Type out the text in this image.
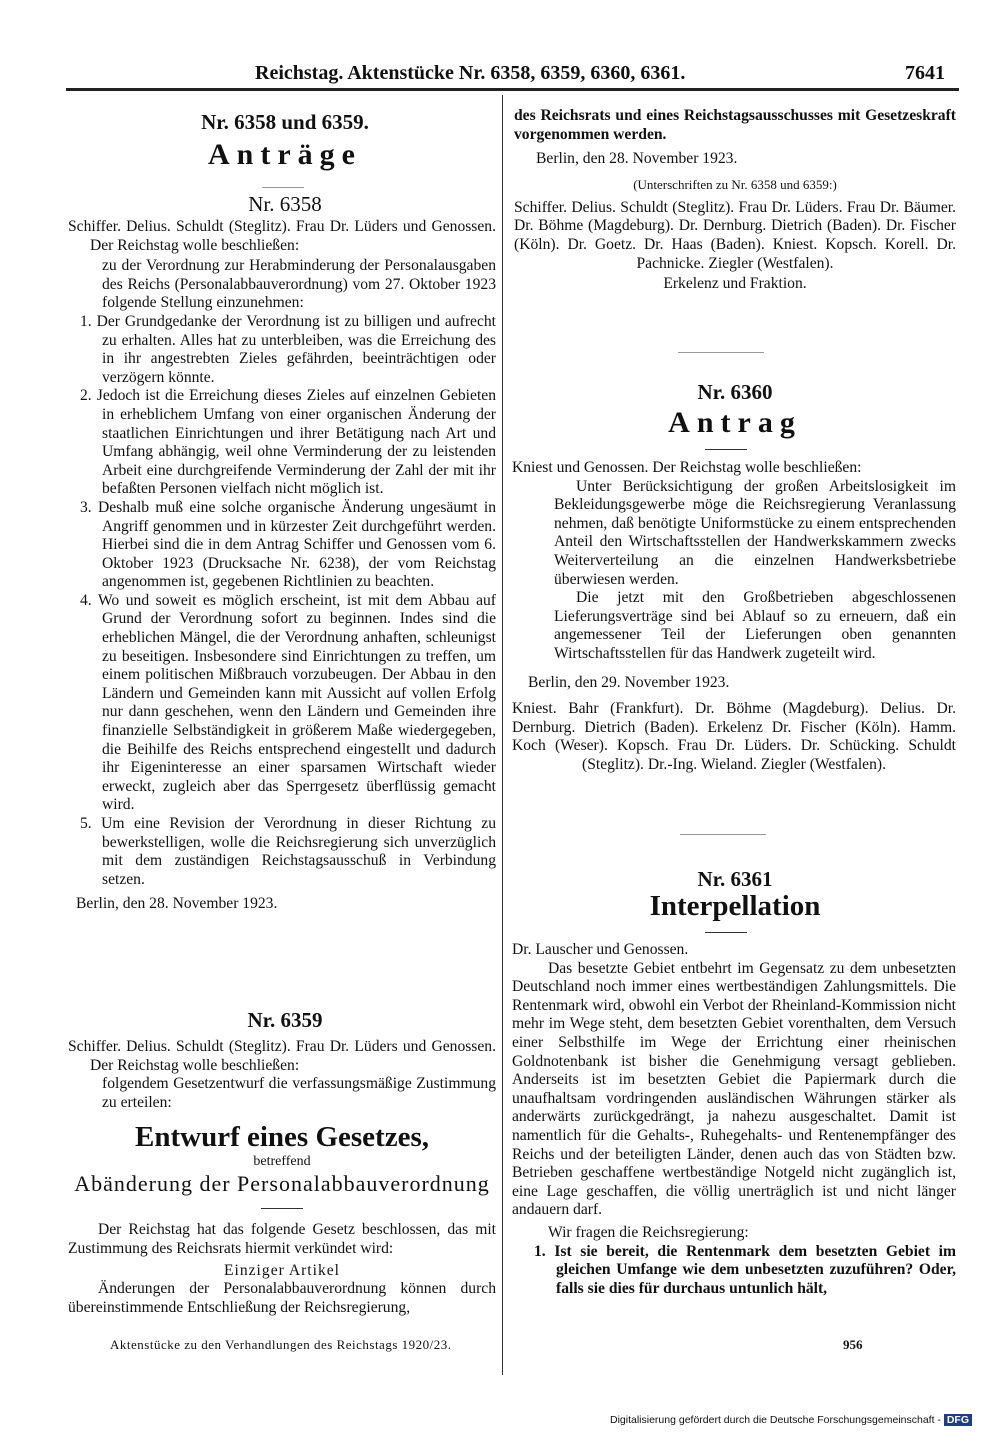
Reichstag. Aktenstücke Nr. 6358, 6359, 6360, 6361.	7641
Nr. 6358 und 6359.
Anträge
Nr. 6358
Schiffer. Delius. Schuldt (Steglitz). Frau Dr. Lüders und Genossen. Der Reichstag wolle beschließen:
zu der Verordnung zur Herabminderung der Personalausgaben des Reichs (Personalabbauverordnung) vom 27. Oktober 1923 folgende Stellung einzunehmen:
1. Der Grundgedanke der Verordnung ist zu billigen und aufrecht zu erhalten. Alles hat zu unterbleiben, was die Erreichung des in ihr angestrebten Zieles gefährden, beeinträchtigen oder verzögern könnte.
2. Jedoch ist die Erreichung dieses Zieles auf einzelnen Gebieten in erheblichem Umfang von einer organischen Änderung der staatlichen Einrichtungen und ihrer Betätigung nach Art und Umfang abhängig, weil ohne Verminderung der zu leistenden Arbeit eine durchgreifende Verminderung der Zahl der mit ihr befaßten Personen vielfach nicht möglich ist.
3. Deshalb muß eine solche organische Änderung ungesäumt in Angriff genommen und in kürzester Zeit durchgeführt werden. Hierbei sind die in dem Antrag Schiffer und Genossen vom 6. Oktober 1923 (Drucksache Nr. 6238), der vom Reichstag angenommen ist, gegebenen Richtlinien zu beachten.
4. Wo und soweit es möglich erscheint, ist mit dem Abbau auf Grund der Verordnung sofort zu beginnen. Indes sind die erheblichen Mängel, die der Verordnung anhaften, schleunigst zu beseitigen. Insbesondere sind Einrichtungen zu treffen, um einem politischen Mißbrauch vorzubeugen. Der Abbau in den Ländern und Gemeinden kann mit Aussicht auf vollen Erfolg nur dann geschehen, wenn den Ländern und Gemeinden ihre finanzielle Selbständigkeit in größerem Maße wiedergegeben, die Beihilfe des Reichs entsprechend eingestellt und dadurch ihr Eigeninteresse an einer sparsamen Wirtschaft wieder erweckt, zugleich aber das Sperrgesetz überflüssig gemacht wird.
5. Um eine Revision der Verordnung in dieser Richtung zu bewerkstelligen, wolle die Reichsregierung sich unverzüglich mit dem zuständigen Reichstagsausschuß in Verbindung setzen.
Berlin, den 28. November 1923.
Nr. 6359
Schiffer. Delius. Schuldt (Steglitz). Frau Dr. Lüders und Genossen. Der Reichstag wolle beschließen:
folgendem Gesetzentwurf die verfassungsmäßige Zustimmung zu erteilen:
Entwurf eines Gesetzes,
betreffend
Abänderung der Personalabbauverordnung
Der Reichstag hat das folgende Gesetz beschlossen, das mit Zustimmung des Reichsrats hiermit verkündet wird:
Einziger Artikel
Änderungen der Personalabbauverordnung können durch übereinstimmende Entschließung der Reichsregierung,
Aktenstücke zu den Verhandlungen des Reichstags 1920/23.
des Reichsrats und eines Reichstagsausschusses mit Gesetzeskraft vorgenommen werden.
Berlin, den 28. November 1923.
(Unterschriften zu Nr. 6358 und 6359:)
Schiffer. Delius. Schuldt (Steglitz). Frau Dr. Lüders. Frau Dr. Bäumer. Dr. Böhme (Magdeburg). Dr. Dernburg. Dietrich (Baden). Dr. Fischer (Köln). Dr. Goetz. Dr. Haas (Baden). Kniest. Kopsch. Korell. Dr. Pachnicke. Ziegler (Westfalen).
Erkelenz und Fraktion.
Nr. 6360
Antrag
Kniest und Genossen. Der Reichstag wolle beschließen:
Unter Berücksichtigung der großen Arbeitslosigkeit im Bekleidungsgewerbe möge die Reichsregierung Veranlassung nehmen, daß benötigte Uniformstücke zu einem entsprechenden Anteil den Wirtschaftsstellen der Handwerkskammern zwecks Weiterverteilung an die einzelnen Handwerksbetriebe überwiesen werden.
Die jetzt mit den Großbetrieben abgeschlossenen Lieferungsverträge sind bei Ablauf so zu erneuern, daß ein angemessener Teil der Lieferungen oben genannten Wirtschaftsstellen für das Handwerk zugeteilt wird.
Berlin, den 29. November 1923.
Kniest. Bahr (Frankfurt). Dr. Böhme (Magdeburg). Delius. Dr. Dernburg. Dietrich (Baden). Erkelenz Dr. Fischer (Köln). Hamm. Koch (Weser). Kopsch. Frau Dr. Lüders. Dr. Schücking. Schuldt (Steglitz). Dr.-Ing. Wieland. Ziegler (Westfalen).
Nr. 6361
Interpellation
Dr. Lauscher und Genossen.
Das besetzte Gebiet entbehrt im Gegensatz zu dem unbesetzten Deutschland noch immer eines wertbeständigen Zahlungsmittels. Die Rentenmark wird, obwohl ein Verbot der Rheinland-Kommission nicht mehr im Wege steht, dem besetzten Gebiet vorenthalten, dem Versuch einer Selbsthilfe im Wege der Errichtung einer rheinischen Goldnotenbank ist bisher die Genehmigung versagt geblieben. Anderseits ist im besetzten Gebiet die Papiermark durch die unaufhaltsam vordringenden ausländischen Währungen stärker als anderwärts zurückgedrängt, ja nahezu ausgeschaltet. Damit ist namentlich für die Gehalts-, Ruhegehalts- und Rentenempfänger des Reichs und der beteiligten Länder, denen auch das von Städten bzw. Betrieben geschaffene wertbeständige Notgeld nicht zugänglich ist, eine Lage geschaffen, die völlig unerträglich ist und nicht länger andauern darf.
Wir fragen die Reichsregierung:
1. Ist sie bereit, die Rentenmark dem besetzten Gebiet im gleichen Umfange wie dem unbesetzten zuzuführen? Oder, falls sie dies für durchaus untunlich hält,
956
Digitalisierung gefördert durch die Deutsche Forschungsgemeinschaft - DFG
